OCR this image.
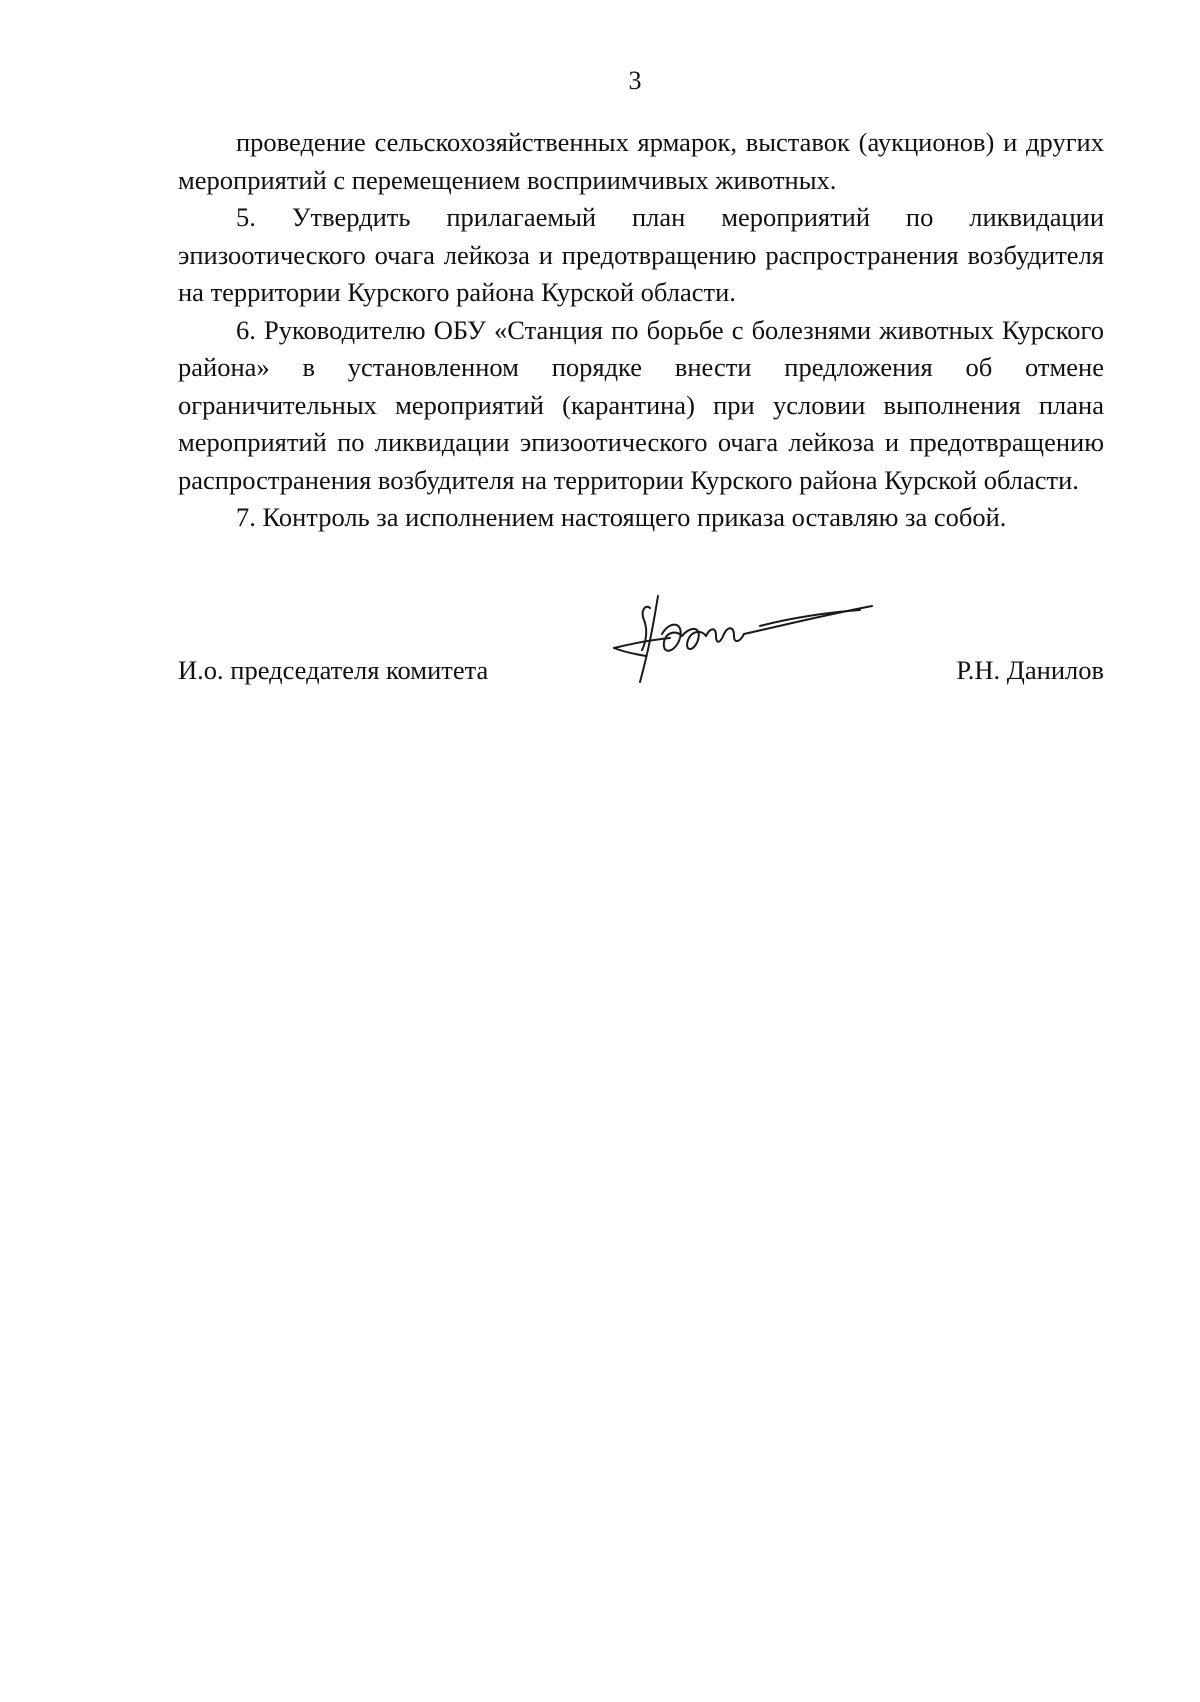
3

проведение сельскохозяйственных ярмарок, выставок (аукционов) и других мероприятий с перемещением восприимчивых животных.

5. Утвердить прилагаемый план мероприятий по ликвидации эпизоотического очага лейкоза и предотвращению распространения возбудителя на территории Курского района Курской области.

6. Руководителю ОБУ «Станция по борьбе с болезнями животных Курского района» в установленном порядке внести предложения об отмене ограничительных мероприятий (карантина) при условии выполнения плана мероприятий по ликвидации эпизоотического очага лейкоза и предотвращению распространения возбудителя на территории Курского района Курской области.

7. Контроль за исполнением настоящего приказа оставляю за собой.

И.о. председателя комитета	Р.Н. Данилов
